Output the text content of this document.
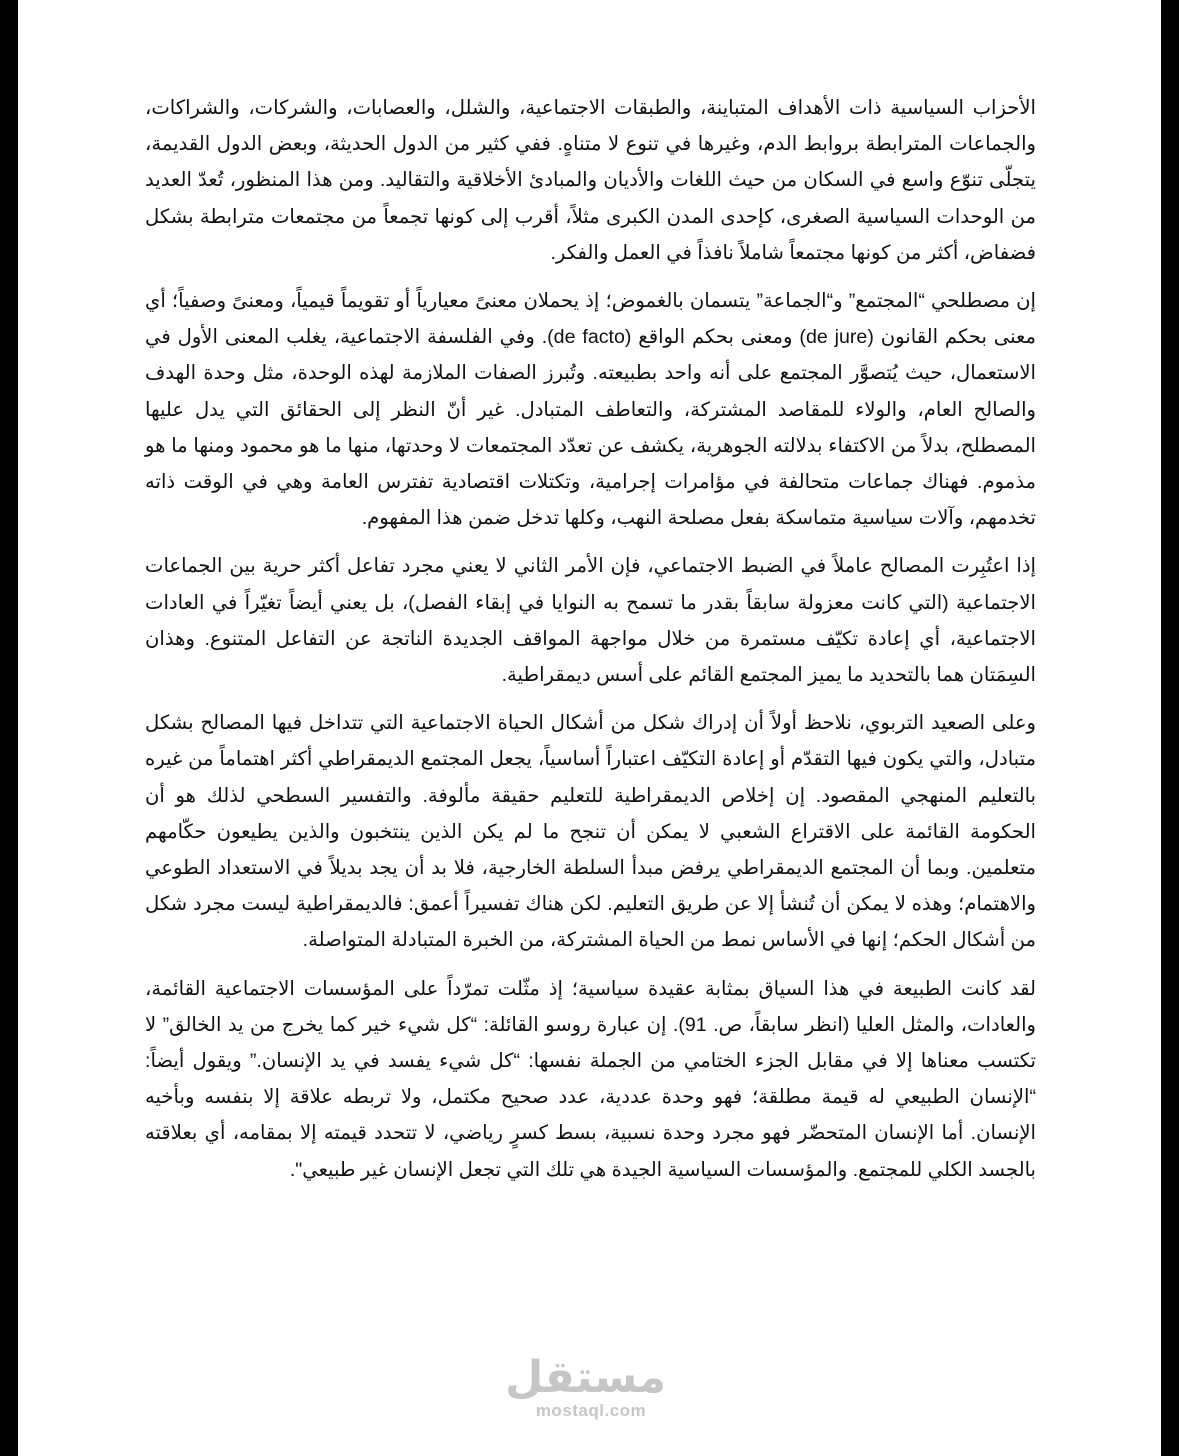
الأحزاب السياسية ذات الأهداف المتباينة، والطبقات الاجتماعية، والشلل، والعصابات، والشركات، والشراكات، والجماعات المترابطة بروابط الدم، وغيرها في تنوع لا متناهٍ. ففي كثير من الدول الحديثة، وبعض الدول القديمة، يتجلّى تنوّع واسع في السكان من حيث اللغات والأديان والمبادئ الأخلاقية والتقاليد. ومن هذا المنظور، تُعدّ العديد من الوحدات السياسية الصغرى، كإحدى المدن الكبرى مثلاً، أقرب إلى كونها تجمعاً من مجتمعات مترابطة بشكل فضفاض، أكثر من كونها مجتمعاً شاملاً نافذاً في العمل والفكر.

إن مصطلحي “المجتمع” و“الجماعة” يتسمان بالغموض؛ إذ يحملان معنىً معيارياً أو تقويماً قيمياً، ومعنىً وصفياً؛ أي معنى بحكم القانون (de jure) ومعنى بحكم الواقع (de facto). وفي الفلسفة الاجتماعية، يغلب المعنى الأول في الاستعمال، حيث يُتصوَّر المجتمع على أنه واحد بطبيعته. وتُبرز الصفات الملازمة لهذه الوحدة، مثل وحدة الهدف والصالح العام، والولاء للمقاصد المشتركة، والتعاطف المتبادل. غير أنّ النظر إلى الحقائق التي يدل عليها المصطلح، بدلاً من الاكتفاء بدلالته الجوهرية، يكشف عن تعدّد المجتمعات لا وحدتها، منها ما هو محمود ومنها ما هو مذموم. فهناك جماعات متحالفة في مؤامرات إجرامية، وتكتلات اقتصادية تفترس العامة وهي في الوقت ذاته تخدمهم، وآلات سياسية متماسكة بفعل مصلحة النهب، وكلها تدخل ضمن هذا المفهوم.

إذا اعتُبِرت المصالح عاملاً في الضبط الاجتماعي، فإن الأمر الثاني لا يعني مجرد تفاعل أكثر حرية بين الجماعات الاجتماعية (التي كانت معزولة سابقاً بقدر ما تسمح به النوايا في إبقاء الفصل)، بل يعني أيضاً تغيّراً في العادات الاجتماعية، أي إعادة تكيّف مستمرة من خلال مواجهة المواقف الجديدة الناتجة عن التفاعل المتنوع. وهذان السِمَتان هما بالتحديد ما يميز المجتمع القائم على أسس ديمقراطية.

وعلى الصعيد التربوي، نلاحظ أولاً أن إدراك شكل من أشكال الحياة الاجتماعية التي تتداخل فيها المصالح بشكل متبادل، والتي يكون فيها التقدّم أو إعادة التكيّف اعتباراً أساسياً، يجعل المجتمع الديمقراطي أكثر اهتماماً من غيره بالتعليم المنهجي المقصود. إن إخلاص الديمقراطية للتعليم حقيقة مألوفة. والتفسير السطحي لذلك هو أن الحكومة القائمة على الاقتراع الشعبي لا يمكن أن تنجح ما لم يكن الذين ينتخبون والذين يطيعون حكّامهم متعلمين. وبما أن المجتمع الديمقراطي يرفض مبدأ السلطة الخارجية، فلا بد أن يجد بديلاً في الاستعداد الطوعي والاهتمام؛ وهذه لا يمكن أن تُنشأ إلا عن طريق التعليم. لكن هناك تفسيراً أعمق: فالديمقراطية ليست مجرد شكل من أشكال الحكم؛ إنها في الأساس نمط من الحياة المشتركة، من الخبرة المتبادلة المتواصلة.

لقد كانت الطبيعة في هذا السياق بمثابة عقيدة سياسية؛ إذ مثّلت تمرّداً على المؤسسات الاجتماعية القائمة، والعادات، والمثل العليا (انظر سابقاً، ص. 91). إن عبارة روسو القائلة: “كل شيء خير كما يخرج من يد الخالق” لا تكتسب معناها إلا في مقابل الجزء الختامي من الجملة نفسها: “كل شيء يفسد في يد الإنسان.” ويقول أيضاً: “الإنسان الطبيعي له قيمة مطلقة؛ فهو وحدة عددية، عدد صحيح مكتمل، ولا تربطه علاقة إلا بنفسه وبأخيه الإنسان. أما الإنسان المتحضّر فهو مجرد وحدة نسبية، بسط كسرٍ رياضي، لا تتحدد قيمته إلا بمقامه، أي بعلاقته بالجسد الكلي للمجتمع. والمؤسسات السياسية الجيدة هي تلك التي تجعل الإنسان غير طبيعي".

مستقل
mostaql.com
